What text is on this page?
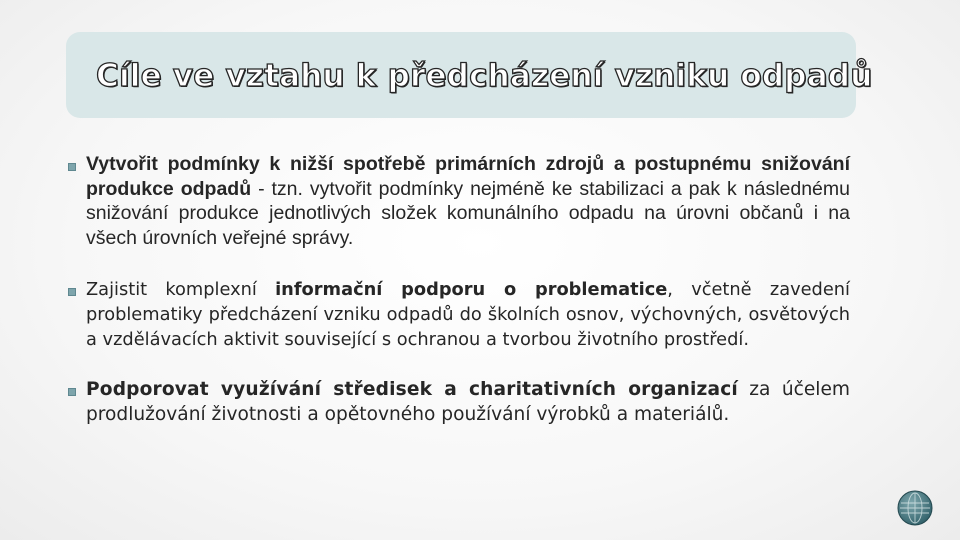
Cíle ve vztahu k předcházení vzniku odpadů

Vytvořit podmínky k nižší spotřebě primárních zdrojů a postupnému snižování produkce odpadů - tzn. vytvořit podmínky nejméně ke stabilizaci a pak k následnému snižování produkce jednotlivých složek komunálního odpadu na úrovni občanů i na všech úrovních veřejné správy.

Zajistit komplexní informační podporu o problematice, včetně zavedení problematiky předcházení vzniku odpadů do školních osnov, výchovných, osvětových a vzdělávacích aktivit související s ochranou a tvorbou životního prostředí.

Podporovat využívání středisek a charitativních organizací za účelem prodlužování životnosti a opětovného používání výrobků a materiálů.
